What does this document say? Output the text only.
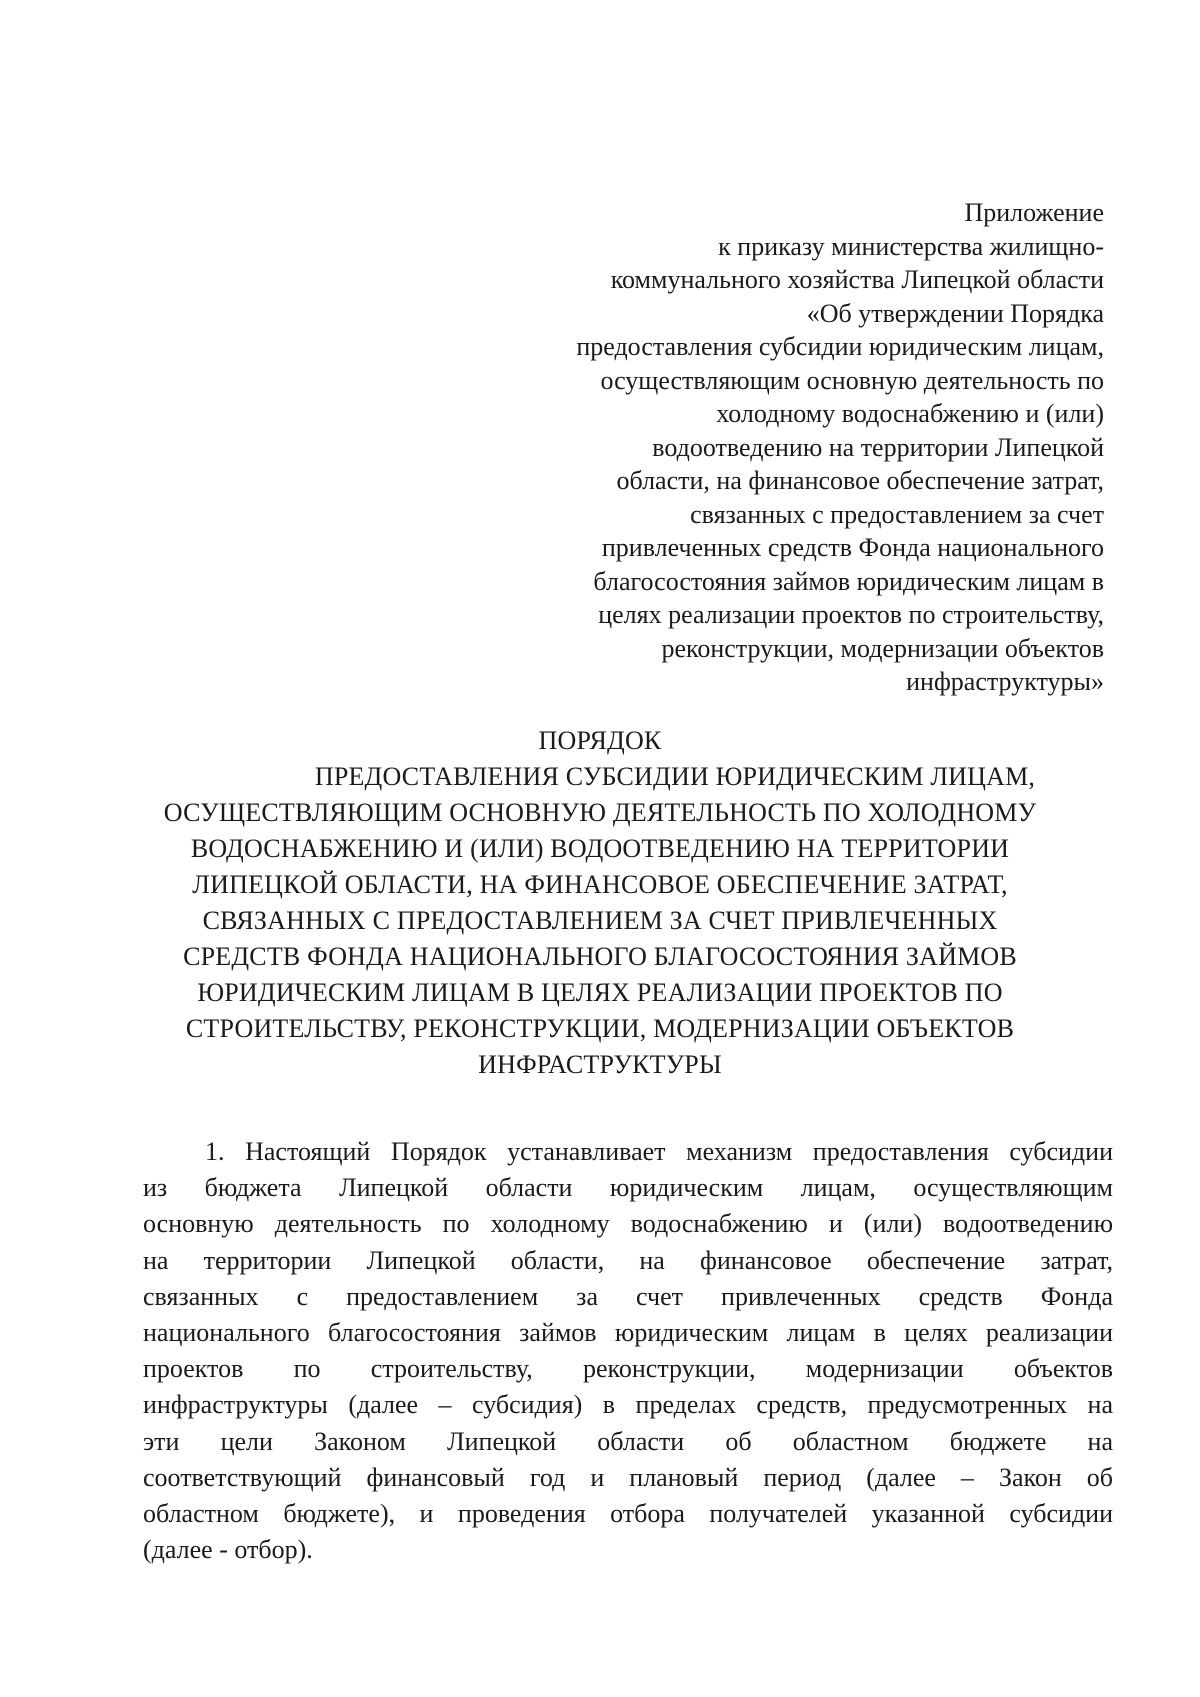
Приложение
к приказу министерства жилищно-
коммунального хозяйства Липецкой области
«Об утверждении Порядка
предоставления субсидии юридическим лицам,
осуществляющим основную деятельность по
холодному водоснабжению и (или)
водоотведению на территории Липецкой
области, на финансовое обеспечение затрат,
связанных с предоставлением за счет
привлеченных средств Фонда национального
благосостояния займов юридическим лицам в
целях реализации проектов по строительству,
реконструкции, модернизации объектов
инфраструктуры»
ПОРЯДОК
ПРЕДОСТАВЛЕНИЯ СУБСИДИИ ЮРИДИЧЕСКИМ ЛИЦАМ,
ОСУЩЕСТВЛЯЮЩИМ ОСНОВНУЮ ДЕЯТЕЛЬНОСТЬ ПО ХОЛОДНОМУ
ВОДОСНАБЖЕНИЮ И (ИЛИ) ВОДООТВЕДЕНИЮ НА ТЕРРИТОРИИ
ЛИПЕЦКОЙ ОБЛАСТИ, НА ФИНАНСОВОЕ ОБЕСПЕЧЕНИЕ ЗАТРАТ,
СВЯЗАННЫХ С ПРЕДОСТАВЛЕНИЕМ ЗА СЧЕТ ПРИВЛЕЧЕННЫХ
СРЕДСТВ ФОНДА НАЦИОНАЛЬНОГО БЛАГОСОСТОЯНИЯ ЗАЙМОВ
ЮРИДИЧЕСКИМ ЛИЦАМ В ЦЕЛЯХ РЕАЛИЗАЦИИ ПРОЕКТОВ ПО
СТРОИТЕЛЬСТВУ, РЕКОНСТРУКЦИИ, МОДЕРНИЗАЦИИ ОБЪЕКТОВ
ИНФРАСТРУКТУРЫ
1. Настоящий Порядок устанавливает механизм предоставления субсидии
из бюджета Липецкой области юридическим лицам, осуществляющим
основную деятельность по холодному водоснабжению и (или) водоотведению
на территории Липецкой области, на финансовое обеспечение затрат,
связанных с предоставлением за счет привлеченных средств Фонда
национального благосостояния займов юридическим лицам в целях реализации
проектов по строительству, реконструкции, модернизации объектов
инфраструктуры (далее – субсидия) в пределах средств, предусмотренных на
эти цели Законом Липецкой области об областном бюджете на
соответствующий финансовый год и плановый период (далее – Закон об
областном бюджете), и проведения отбора получателей указанной субсидии
(далее - отбор).
